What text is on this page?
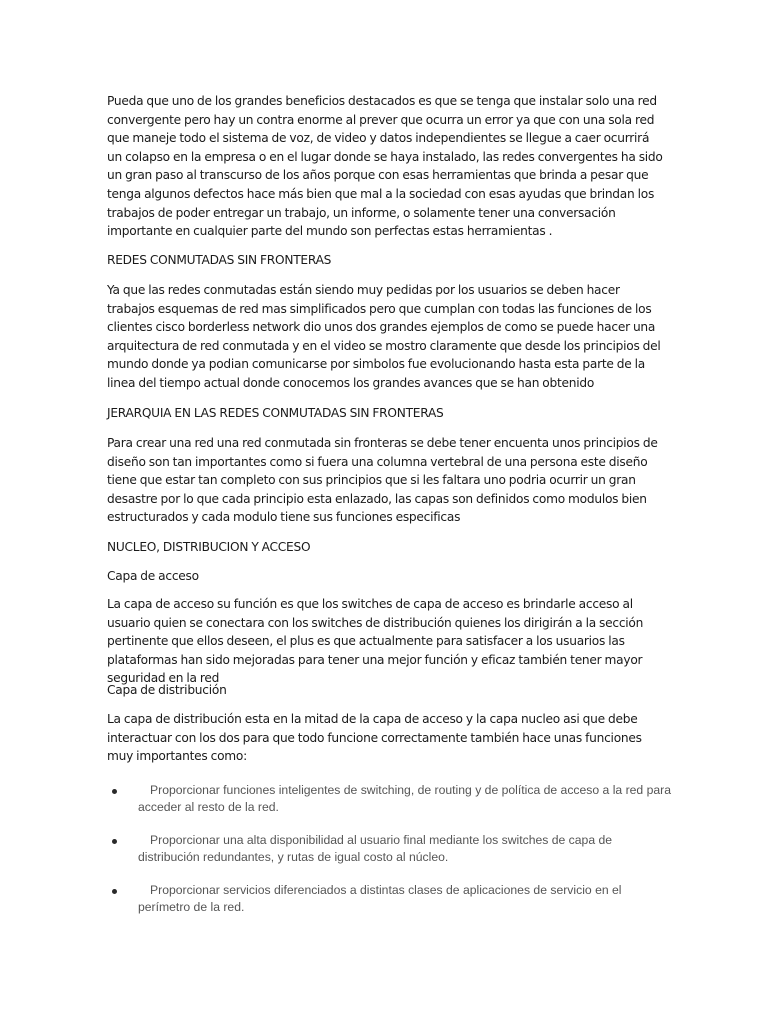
Pueda que uno de los grandes beneficios destacados es que se tenga que instalar solo una red convergente pero hay un contra enorme al prever que ocurra un error ya que con una sola red que maneje todo el sistema de voz, de video y datos independientes se llegue a caer ocurrirá un colapso en la empresa o en el lugar donde se haya instalado, las redes convergentes ha sido un gran paso al transcurso de los años porque con esas herramientas que brinda a pesar que tenga algunos defectos hace más bien que mal a la sociedad con esas ayudas que brindan los trabajos de poder entregar un trabajo, un informe, o solamente tener una conversación importante en cualquier parte del mundo son perfectas estas herramientas .

REDES CONMUTADAS SIN FRONTERAS

Ya que las redes conmutadas están siendo muy pedidas por los usuarios se deben hacer trabajos esquemas de red mas simplificados pero que cumplan con todas las funciones de los clientes cisco borderless network dio unos dos grandes ejemplos de como se puede hacer una arquitectura de red conmutada y en el video se mostro claramente que desde los principios del mundo donde ya podian comunicarse por simbolos fue evolucionando hasta esta parte de la linea del tiempo actual donde conocemos los grandes avances que se han obtenido

JERARQUIA EN LAS REDES CONMUTADAS SIN FRONTERAS

Para crear una red una red conmutada sin fronteras se debe tener encuenta unos principios de diseño son tan importantes como si fuera una columna vertebral de una persona este diseño tiene que estar tan completo con sus principios que si les faltara uno podria ocurrir un gran desastre por lo que cada principio esta enlazado, las capas son definidos como modulos bien estructurados y cada modulo tiene sus funciones especificas

NUCLEO, DISTRIBUCION Y ACCESO

Capa de acceso

La capa de acceso su función es que los switches de capa de acceso es brindarle acceso al usuario quien se conectara con los switches de distribución quienes los dirigirán a la sección pertinente que ellos deseen, el plus es que actualmente para satisfacer a los usuarios las plataformas han sido mejoradas para tener una mejor función y eficaz también tener mayor seguridad en la red

Capa de distribución

La capa de distribución esta en la mitad de la capa de acceso y la capa nucleo asi que debe interactuar con los dos para que todo funcione correctamente también hace unas funciones muy importantes como:

Proporcionar funciones inteligentes de switching, de routing y de política de acceso a la red para acceder al resto de la red.
Proporcionar una alta disponibilidad al usuario final mediante los switches de capa de distribución redundantes, y rutas de igual costo al núcleo.
Proporcionar servicios diferenciados a distintas clases de aplicaciones de servicio en el perímetro de la red.
